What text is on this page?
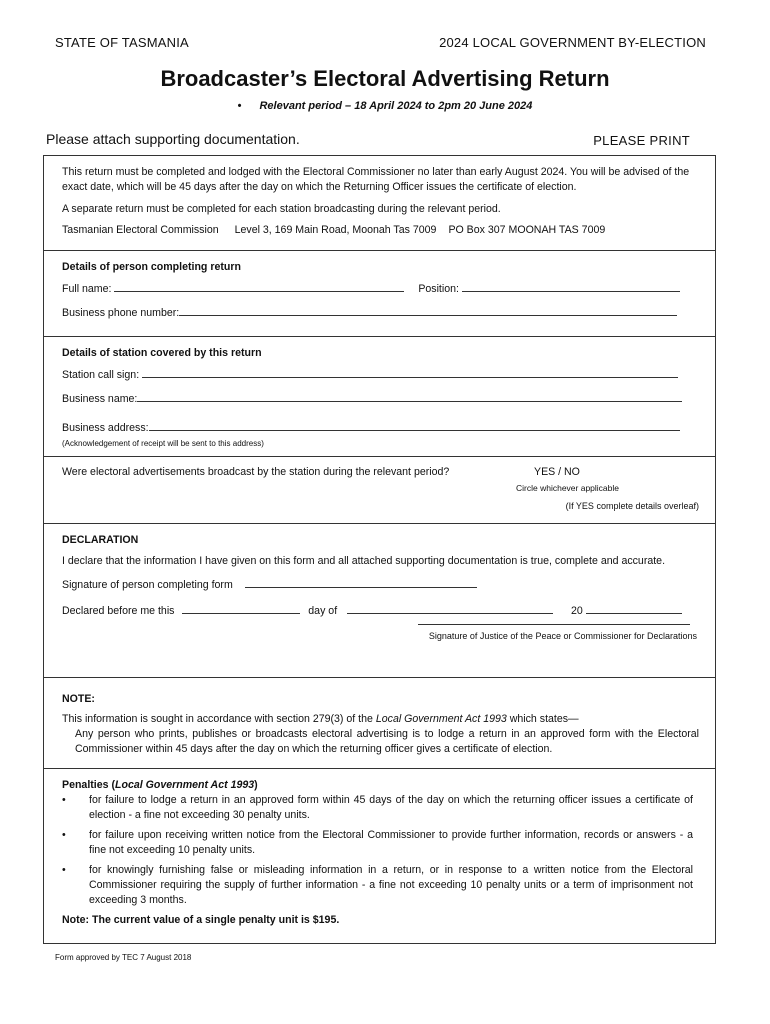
STATE OF TASMANIA	2024 LOCAL GOVERNMENT BY-ELECTION
Broadcaster’s Electoral Advertising Return
• Relevant period – 18 April 2024 to 2pm 20 June 2024
Please attach supporting documentation.	PLEASE PRINT
This return must be completed and lodged with the Electoral Commissioner no later than early August 2024. You will be advised of the exact date, which will be 45 days after the day on which the Returning Officer issues the certificate of election.
A separate return must be completed for each station broadcasting during the relevant period.
Tasmanian Electoral Commission Level 3, 169 Main Road, Moonah Tas 7009 PO Box 307 MOONAH TAS 7009
Details of person completing return
Full name:	Position:
Business phone number:
Details of station covered by this return
Station call sign:
Business name:
Business address:
(Acknowledgement of receipt will be sent to this address)
Were electoral advertisements broadcast by the station during the relevant period?	YES / NO
Circle whichever applicable
(If YES complete details overleaf)
DECLARATION
I declare that the information I have given on this form and all attached supporting documentation is true, complete and accurate.
Signature of person completing form
Declared before me this	day of	20
Signature of Justice of the Peace or Commissioner for Declarations
NOTE:
This information is sought in accordance with section 279(3) of the Local Government Act 1993 which states—
Any person who prints, publishes or broadcasts electoral advertising is to lodge a return in an approved form with the Electoral Commissioner within 45 days after the day on which the returning officer gives a certificate of election.
Penalties (Local Government Act 1993)
• for failure to lodge a return in an approved form within 45 days of the day on which the returning officer issues a certificate of election - a fine not exceeding 30 penalty units.
• for failure upon receiving written notice from the Electoral Commissioner to provide further information, records or answers - a fine not exceeding 10 penalty units.
• for knowingly furnishing false or misleading information in a return, or in response to a written notice from the Electoral Commissioner requiring the supply of further information - a fine not exceeding 10 penalty units or a term of imprisonment not exceeding 3 months.
Note: The current value of a single penalty unit is $195.
Form approved by TEC 7 August 2018
